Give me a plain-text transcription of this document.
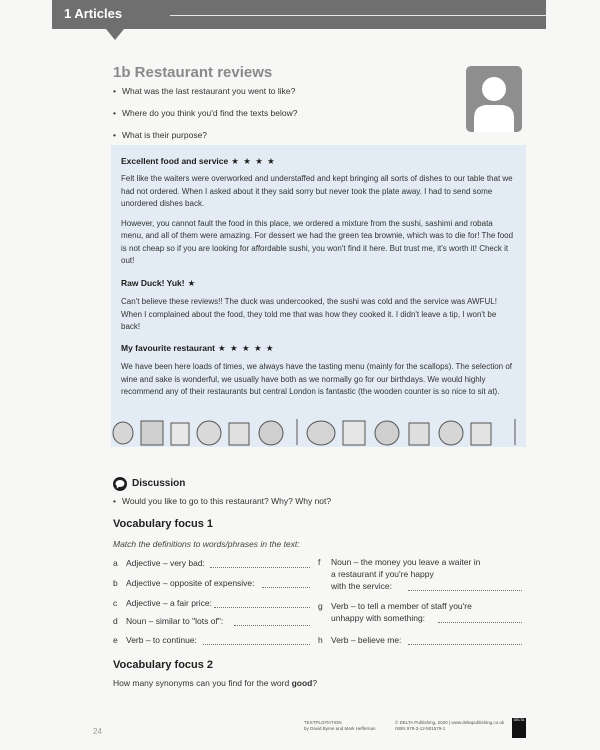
1 Articles
1b Restaurant reviews
• What was the last restaurant you went to like?
• Where do you think you'd find the texts below?
• What is their purpose?
Excellent food and service ★ ★ ★ ★

Felt like the waiters were overworked and understaffed and kept bringing all sorts of dishes to our table that we had not ordered. When I asked about it they said sorry but never took the plate away. I had to send some unordered dishes back.

However, you cannot fault the food in this place, we ordered a mixture from the sushi, sashimi and robata menu, and all of them were amazing. For dessert we had the green tea brownie, which was to die for! The food is not cheap so if you are looking for affordable sushi, you won't find it here. But trust me, it's worth it! Check it out!

Raw Duck! Yuk! ★

Can't believe these reviews!! The duck was undercooked, the sushi was cold and the service was AWFUL! When I complained about the food, they told me that was how they cooked it. I didn't leave a tip, I won't be back!

My favourite restaurant ★ ★ ★ ★ ★

We have been here loads of times, we always have the tasting menu (mainly for the scallops). The selection of wine and sake is wonderful, we usually have both as we normally go for our birthdays. We would highly recommend any of their restaurants but central London is fantastic (the wooden counter is so nice to sit at).

Discussion
• Would you like to go to this restaurant? Why? Why not?
Vocabulary focus 1
Match the definitions to words/phrases in the text:
a Adjective – very bad:
b Adjective – opposite of expensive:
c Adjective – a fair price:
d Noun – similar to "lots of":
e Verb – to continue:
f Noun – the money you leave a waiter in
a restaurant if you're happy
with the service:
g Verb – to tell a member of staff you're
unhappy with something:
h Verb – believe me:
Vocabulary focus 2
How many synonyms can you find for the word good?
24
TEXTPLOITATION
by David Byrne and Mark Heffernan
© DELTA Publishing, 2020 | www.deltapublishing.co.uk
ISBN 978-3-12-501579-1
DELTA
